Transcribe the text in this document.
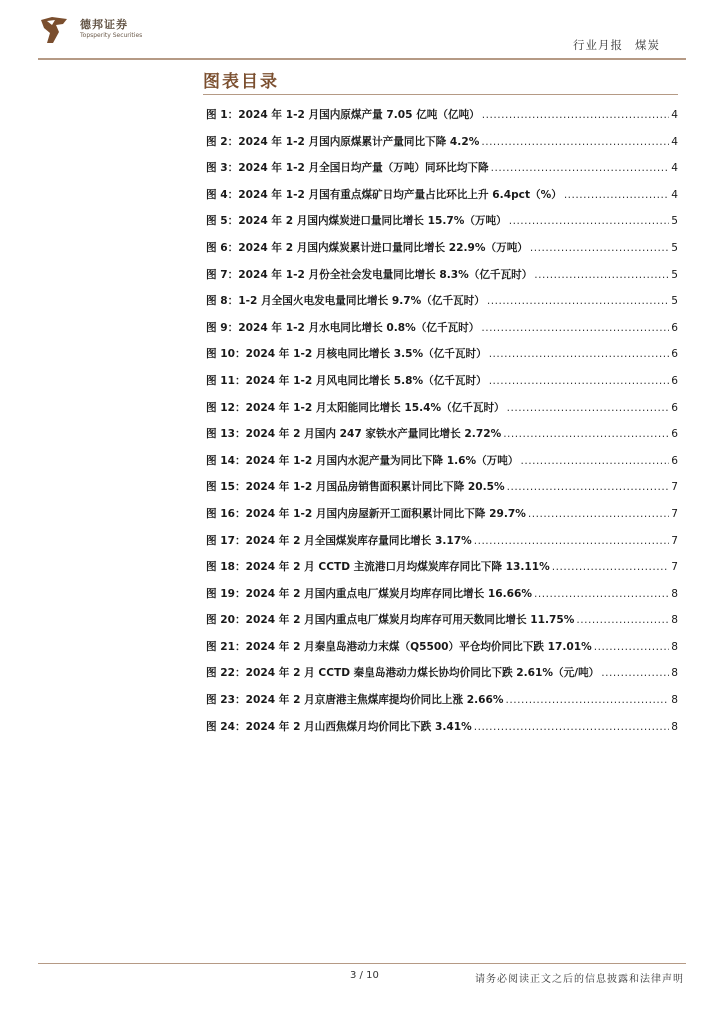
德邦证券
Topsperity Securities
行业月报 煤炭
图表目录
图 1：2024 年 1-2 月国内原煤产量 7.05 亿吨（亿吨） .....	4
图 2：2024 年 1-2 月国内原煤累计产量同比下降 4.2% .....	4
图 3：2024 年 1-2 月全国日均产量（万吨）同环比均下降 .....	4
图 4：2024 年 1-2 月国有重点煤矿日均产量占比环比上升 6.4pct（%） .....	4
图 5：2024 年 2 月国内煤炭进口量同比增长 15.7%（万吨） .....	5
图 6：2024 年 2 月国内煤炭累计进口量同比增长 22.9%（万吨） .....	5
图 7：2024 年 1-2 月份全社会发电量同比增长 8.3%（亿千瓦时） .....	5
图 8：1-2 月全国火电发电量同比增长 9.7%（亿千瓦时） .....	5
图 9：2024 年 1-2 月水电同比增长 0.8%（亿千瓦时） .....	6
图 10：2024 年 1-2 月核电同比增长 3.5%（亿千瓦时） .....	6
图 11：2024 年 1-2 月风电同比增长 5.8%（亿千瓦时） .....	6
图 12：2024 年 1-2 月太阳能同比增长 15.4%（亿千瓦时） .....	6
图 13：2024 年 2 月国内 247 家铁水产量同比增长 2.72% .....	6
图 14：2024 年 1-2 月国内水泥产量为同比下降 1.6%（万吨） .....	6
图 15：2024 年 1-2 月国品房销售面积累计同比下降 20.5% .....	7
图 16：2024 年 1-2 月国内房屋新开工面积累计同比下降 29.7% .....	7
图 17：2024 年 2 月全国煤炭库存量同比增长 3.17% .....	7
图 18：2024 年 2 月 CCTD 主流港口月均煤炭库存同比下降 13.11% .....	7
图 19：2024 年 2 月国内重点电厂煤炭月均库存同比增长 16.66% .....	8
图 20：2024 年 2 月国内重点电厂煤炭月均库存可用天数同比增长 11.75% .....	8
图 21：2024 年 2 月秦皇岛港动力末煤（Q5500）平仓均价同比下跌 17.01% .....	8
图 22：2024 年 2 月 CCTD 秦皇岛港动力煤长协均价同比下跌 2.61%（元/吨） .....	8
图 23：2024 年 2 月京唐港主焦煤库提均价同比上涨 2.66% .....	8
图 24：2024 年 2 月山西焦煤月均价同比下跌 3.41% .....	8
3 / 10	请务必阅读正文之后的信息披露和法律声明
